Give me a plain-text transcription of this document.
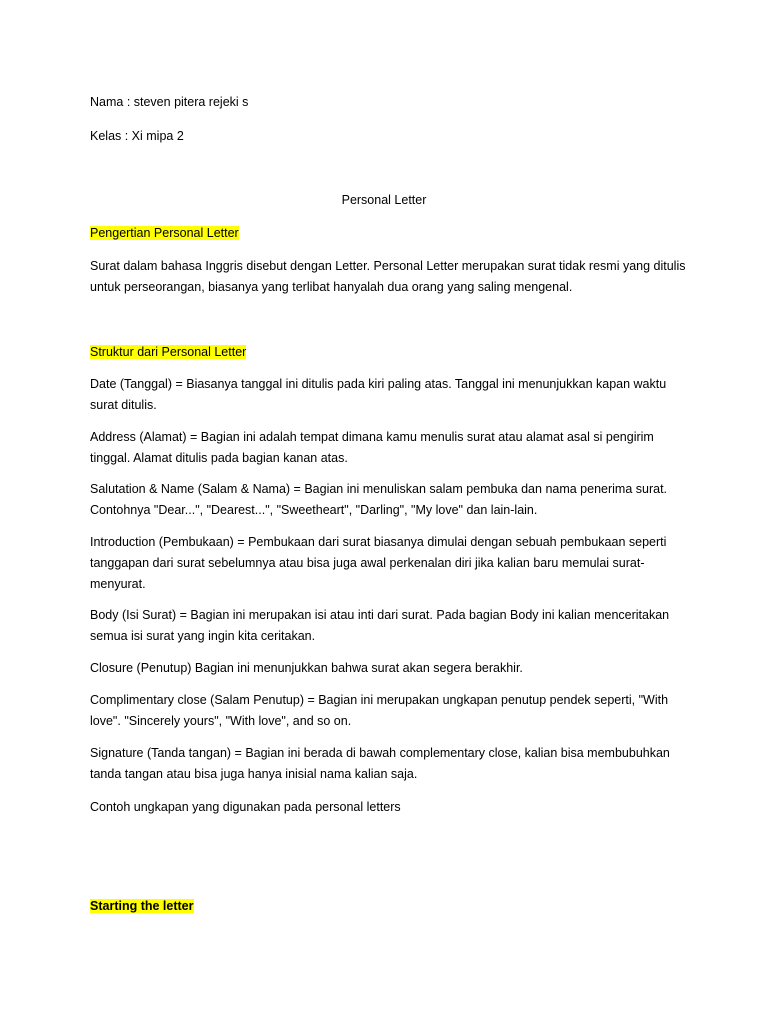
Nama : steven pitera rejeki s

Kelas : Xi mipa 2

Personal Letter

Pengertian Personal Letter

Surat dalam bahasa Inggris disebut dengan Letter. Personal Letter merupakan surat tidak resmi yang ditulis untuk perseorangan, biasanya yang terlibat hanyalah dua orang yang saling mengenal.

Struktur dari Personal Letter

Date (Tanggal) = Biasanya tanggal ini ditulis pada kiri paling atas. Tanggal ini menunjukkan kapan waktu surat ditulis.

Address (Alamat) = Bagian ini adalah tempat dimana kamu menulis surat atau alamat asal si pengirim tinggal. Alamat ditulis pada bagian kanan atas.

Salutation & Name (Salam & Nama) = Bagian ini menuliskan salam pembuka dan nama penerima surat. Contohnya "Dear...", "Dearest...", "Sweetheart", "Darling", "My love" dan lain-lain.

Introduction (Pembukaan) = Pembukaan dari surat biasanya dimulai dengan sebuah pembukaan seperti tanggapan dari surat sebelumnya atau bisa juga awal perkenalan diri jika kalian baru memulai surat-menyurat.

Body (Isi Surat) = Bagian ini merupakan isi atau inti dari surat. Pada bagian Body ini kalian menceritakan semua isi surat yang ingin kita ceritakan.

Closure (Penutup) Bagian ini menunjukkan bahwa surat akan segera berakhir.

Complimentary close (Salam Penutup) = Bagian ini merupakan ungkapan penutup pendek seperti, "With love". "Sincerely yours", "With love", and so on.

Signature (Tanda tangan) = Bagian ini berada di bawah complementary close, kalian bisa membubuhkan tanda tangan atau bisa juga hanya inisial nama kalian saja.

Contoh ungkapan yang digunakan pada personal letters

Starting the letter
